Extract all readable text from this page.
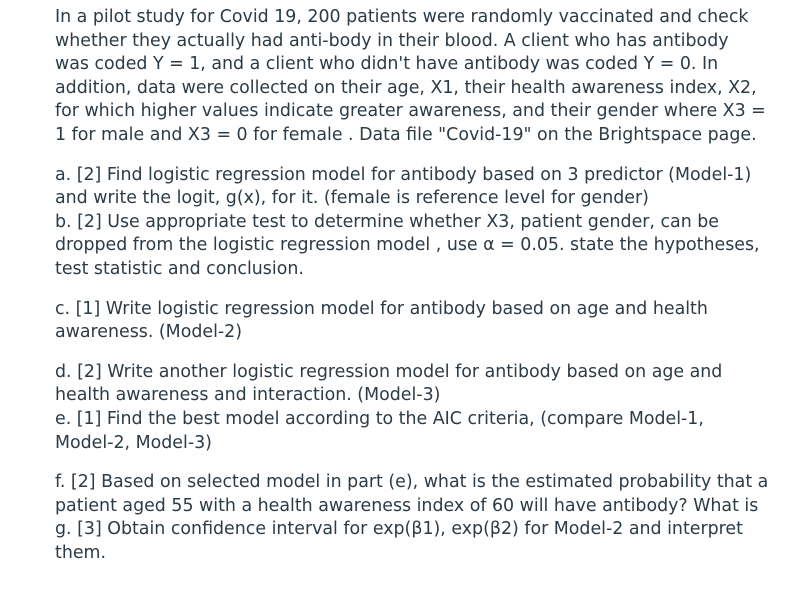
In a pilot study for Covid 19, 200 patients were randomly vaccinated and check
whether they actually had anti-body in their blood. A client who has antibody
was coded Y = 1, and a client who didn't have antibody was coded Y = 0. In
addition, data were collected on their age, X1, their health awareness index, X2,
for which higher values indicate greater awareness, and their gender where X3 =
1 for male and X3 = 0 for female . Data file "Covid-19" on the Brightspace page.

a. [2] Find logistic regression model for antibody based on 3 predictor (Model-1)
and write the logit, g(x), for it. (female is reference level for gender)

b. [2] Use appropriate test to determine whether X3, patient gender, can be
dropped from the logistic regression model , use α = 0.05. state the hypotheses,
test statistic and conclusion.

c. [1] Write logistic regression model for antibody based on age and health
awareness. (Model-2)

d. [2] Write another logistic regression model for antibody based on age and
health awareness and interaction. (Model-3)

e. [1] Find the best model according to the AIC criteria, (compare Model-1,
Model-2, Model-3)

f. [2] Based on selected model in part (e), what is the estimated probability that a
patient aged 55 with a health awareness index of 60 will have antibody? What is

g. [3] Obtain confidence interval for exp(β1), exp(β2) for Model-2 and interpret
them.
